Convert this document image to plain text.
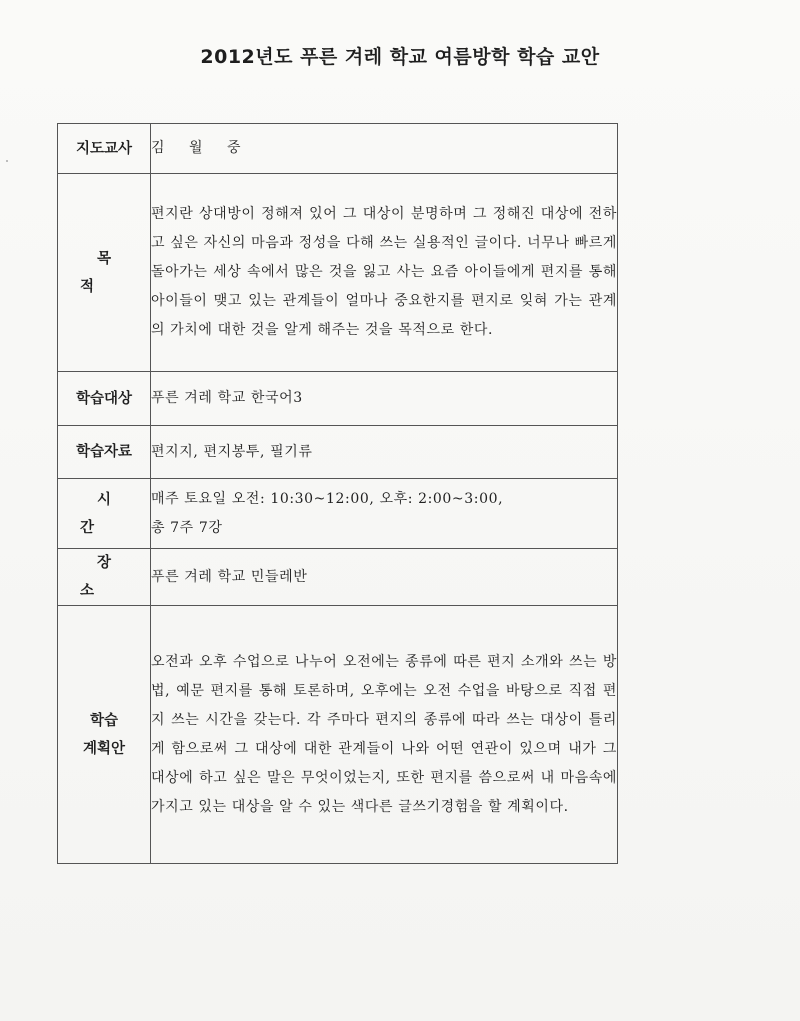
2012년도 푸른 겨레 학교 여름방학 학습 교안
지도교사	김 월 중
목 적	편지란 상대방이 정해져 있어 그 대상이 분명하며 그 정해진 대상에 전하고 싶은 자신의 마음과 정성을 다해 쓰는 실용적인 글이다. 너무나 빠르게 돌아가는 세상 속에서 많은 것을 잃고 사는 요즘 아이들에게 편지를 통해 아이들이 맺고 있는 관계들이 얼마나 중요한지를 편지로 잊혀 가는 관계의 가치에 대한 것을 알게 해주는 것을 목적으로 한다.
학습대상	푸른 겨레 학교 한국어3
학습자료	편지지, 편지봉투, 필기류
시 간	매주 토요일 오전: 10:30~12:00, 오후: 2:00~3:00,
총 7주 7강

장 소	푸른 겨레 학교 민들레반

학습
계획안	오전과 오후 수업으로 나누어 오전에는 종류에 따른 편지 소개와 쓰는 방법, 예문 편지를 통해 토론하며, 오후에는 오전 수업을 바탕으로 직접 편지 쓰는 시간을 갖는다. 각 주마다 편지의 종류에 따라 쓰는 대상이 틀리게 함으로써 그 대상에 대한 관계들이 나와 어떤 연관이 있으며 내가 그 대상에 하고 싶은 말은 무엇이었는지, 또한 편지를 씀으로써 내 마음속에 가지고 있는 대상을 알 수 있는 색다른 글쓰기경험을 할 계획이다.
